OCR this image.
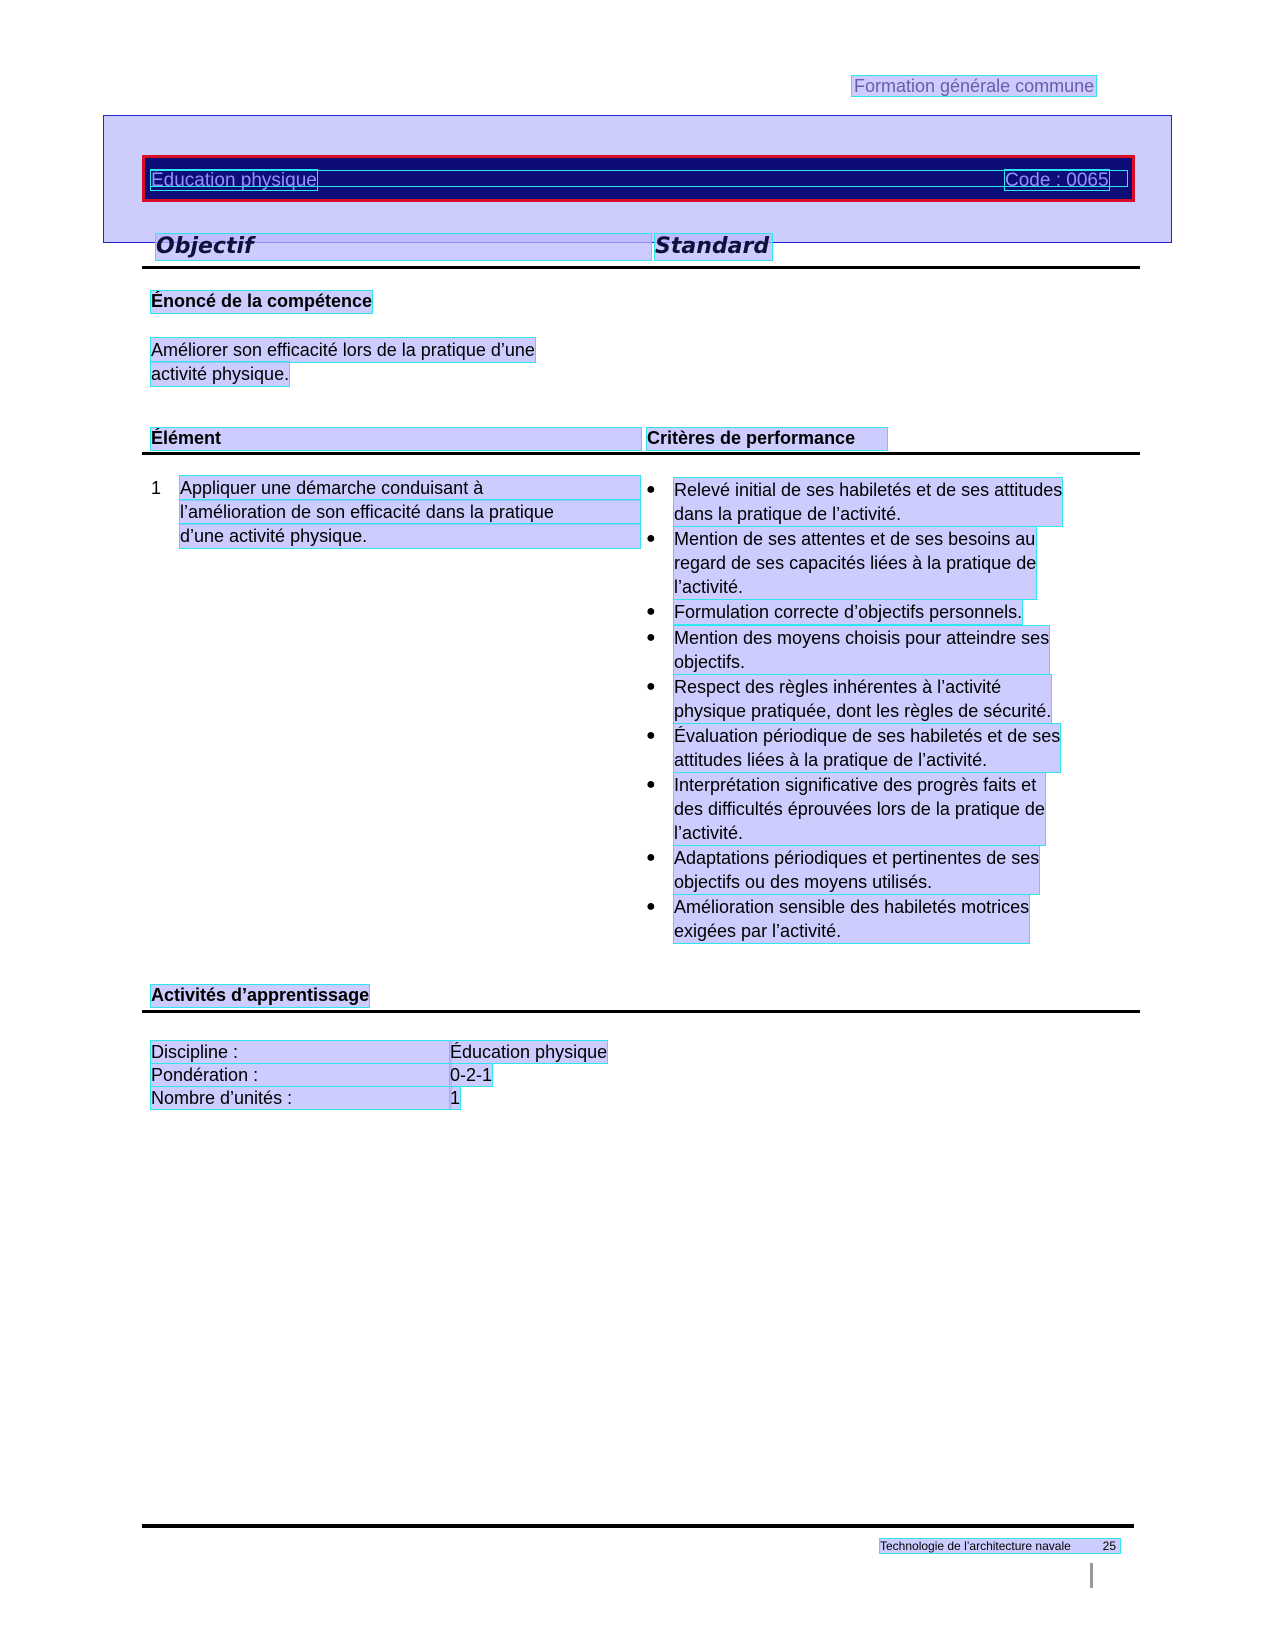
Formation générale commune
Éducation physique	Code : 0065
Objectif	Standard
Énoncé de la compétence
Améliorer son efficacité lors de la pratique d’une
activité physique.
Élément	Critères de performance
1 Appliquer une démarche conduisant à
l’amélioration de son efficacité dans la pratique
d’une activité physique.
● Relevé initial de ses habiletés et de ses attitudes
dans la pratique de l’activité.
● Mention de ses attentes et de ses besoins au
regard de ses capacités liées à la pratique de
l’activité.
● Formulation correcte d’objectifs personnels.
● Mention des moyens choisis pour atteindre ses
objectifs.
● Respect des règles inhérentes à l’activité
physique pratiquée, dont les règles de sécurité.
● Évaluation périodique de ses habiletés et de ses
attitudes liées à la pratique de l’activité.
● Interprétation significative des progrès faits et
des difficultés éprouvées lors de la pratique de
l’activité.
● Adaptations périodiques et pertinentes de ses
objectifs ou des moyens utilisés.
● Amélioration sensible des habiletés motrices
exigées par l’activité.
Activités d’apprentissage
Discipline :	Éducation physique
Pondération :	0-2-1
Nombre d’unités :	1
Technologie de l’architecture navale	25
